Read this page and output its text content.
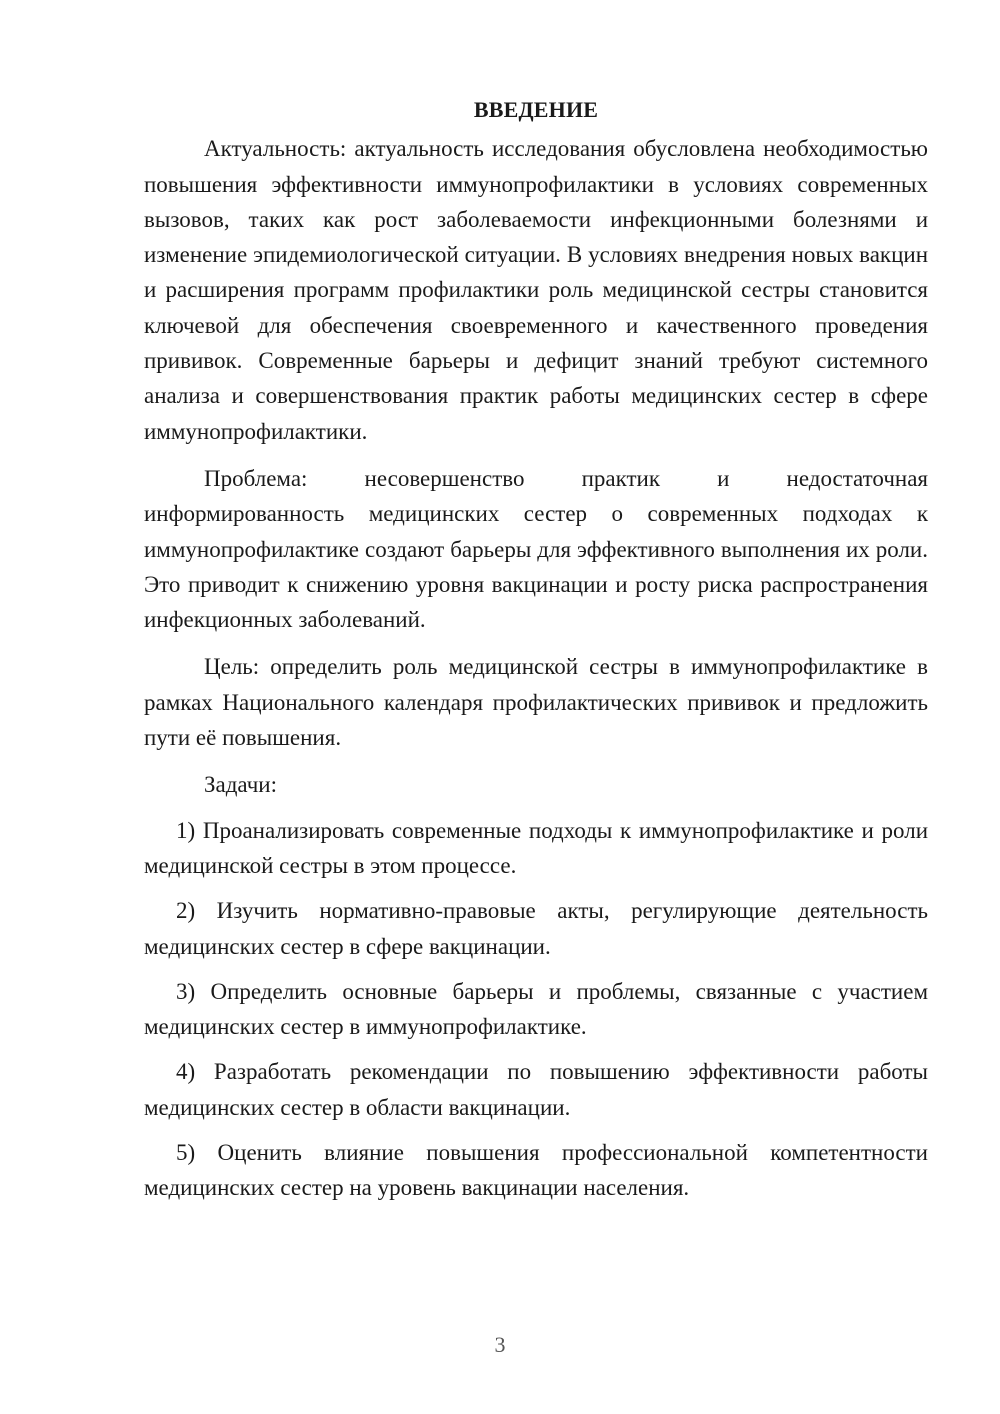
ВВЕДЕНИЕ

Актуальность: актуальность исследования обусловлена необходимостью повышения эффективности иммунопрофилактики в условиях современных вызовов, таких как рост заболеваемости инфекционными болезнями и изменение эпидемиологической ситуации. В условиях внедрения новых вакцин и расширения программ профилактики роль медицинской сестры становится ключевой для обеспечения своевременного и качественного проведения прививок. Современные барьеры и дефицит знаний требуют системного анализа и совершенствования практик работы медицинских сестер в сфере иммунопрофилактики.

Проблема: несовершенство практик и недостаточная информированность медицинских сестер о современных подходах к иммунопрофилактике создают барьеры для эффективного выполнения их роли. Это приводит к снижению уровня вакцинации и росту риска распространения инфекционных заболеваний.

Цель: определить роль медицинской сестры в иммунопрофилактике в рамках Национального календаря профилактических прививок и предложить пути её повышения.

Задачи:

1) Проанализировать современные подходы к иммунопрофилактике и роли медицинской сестры в этом процессе.

2) Изучить нормативно-правовые акты, регулирующие деятельность медицинских сестер в сфере вакцинации.

3) Определить основные барьеры и проблемы, связанные с участием медицинских сестер в иммунопрофилактике.

4) Разработать рекомендации по повышению эффективности работы медицинских сестер в области вакцинации.

5) Оценить влияние повышения профессиональной компетентности медицинских сестер на уровень вакцинации населения.

3
